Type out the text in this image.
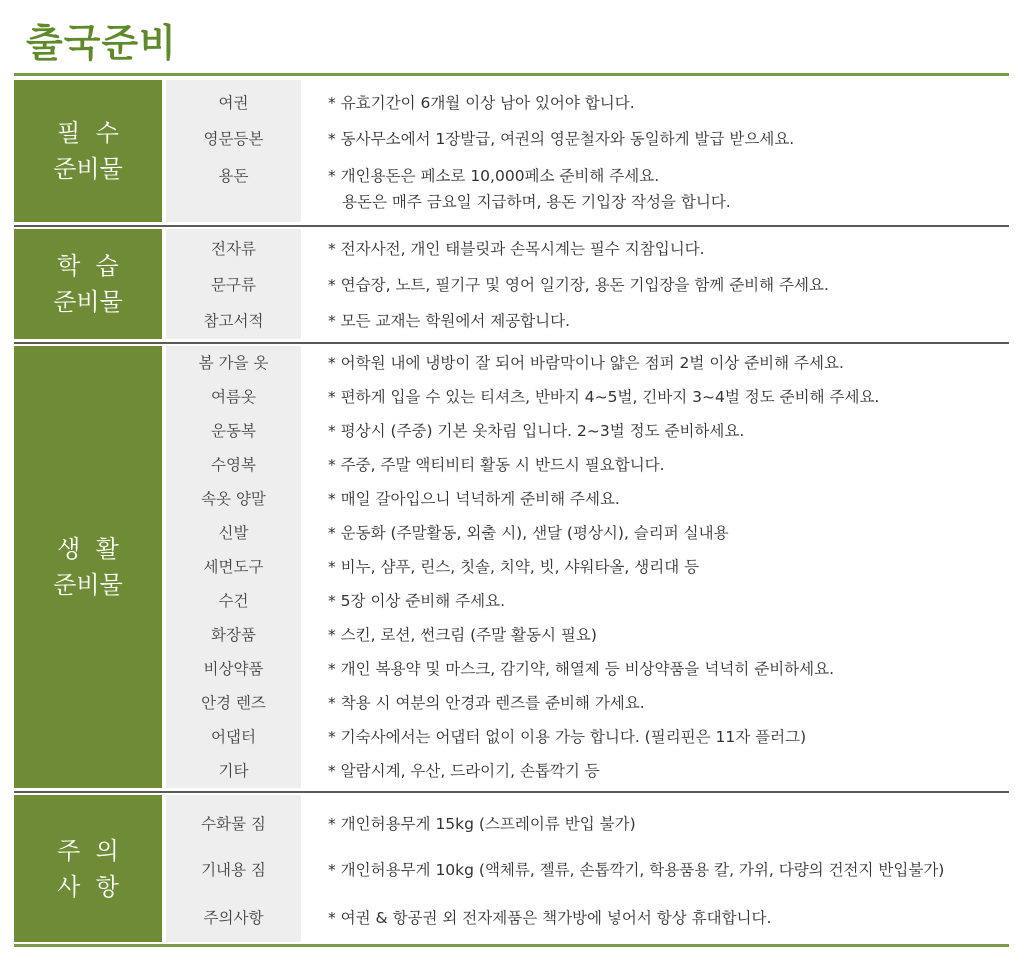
출국준비
필  수
준비물
여권	* 유효기간이 6개월 이상 남아 있어야 합니다.
영문등본	* 동사무소에서 1장발급, 여권의 영문철자와 동일하게 발급 받으세요.
용돈	* 개인용돈은 페소로 10,000페소 준비해 주세요.
용돈은 매주 금요일 지급하며, 용돈 기입장 작성을 합니다.
학  습
준비물
전자류	* 전자사전, 개인 태블릿과 손목시계는 필수 지참입니다.
문구류	* 연습장, 노트, 필기구 및 영어 일기장, 용돈 기입장을 함께 준비해 주세요.
참고서적	* 모든 교재는 학원에서 제공합니다.
생  활
준비물
봄 가을 옷	* 어학원 내에 냉방이 잘 되어 바람막이나 얇은 점퍼 2벌 이상 준비해 주세요.
여름옷	* 편하게 입을 수 있는 티셔츠, 반바지 4~5벌, 긴바지 3~4벌 정도 준비해 주세요.
운동복	* 평상시 (주중) 기본 옷차림 입니다. 2~3벌 정도 준비하세요.
수영복	* 주중, 주말 액티비티 활동 시 반드시 필요합니다.
속옷 양말	* 매일 갈아입으니 넉넉하게 준비해 주세요.
신발	* 운동화 (주말활동, 외출 시), 샌달 (평상시), 슬리퍼 실내용
세면도구	* 비누, 샴푸, 린스, 칫솔, 치약, 빗, 샤워타올, 생리대 등
수건	* 5장 이상 준비해 주세요.
화장품	* 스킨, 로션, 썬크림 (주말 활동시 필요)
비상약품	* 개인 복용약 및 마스크, 감기약, 해열제 등 비상약품을 넉넉히 준비하세요.
안경 렌즈	* 착용 시 여분의 안경과 렌즈를 준비해 가세요.
어댑터	* 기숙사에서는 어댑터 없이 이용 가능 합니다. (필리핀은 11자 플러그)
기타	* 알람시계, 우산, 드라이기, 손톱깍기 등
주  의
사  항
수화물 짐	* 개인허용무게 15kg (스프레이류 반입 불가)
기내용 짐	* 개인허용무게 10kg (액체류, 젤류, 손톱깍기, 학용품용 칼, 가위, 다량의 건전지 반입불가)
주의사항	* 여권 & 항공권 외 전자제품은 책가방에 넣어서 항상 휴대합니다.
